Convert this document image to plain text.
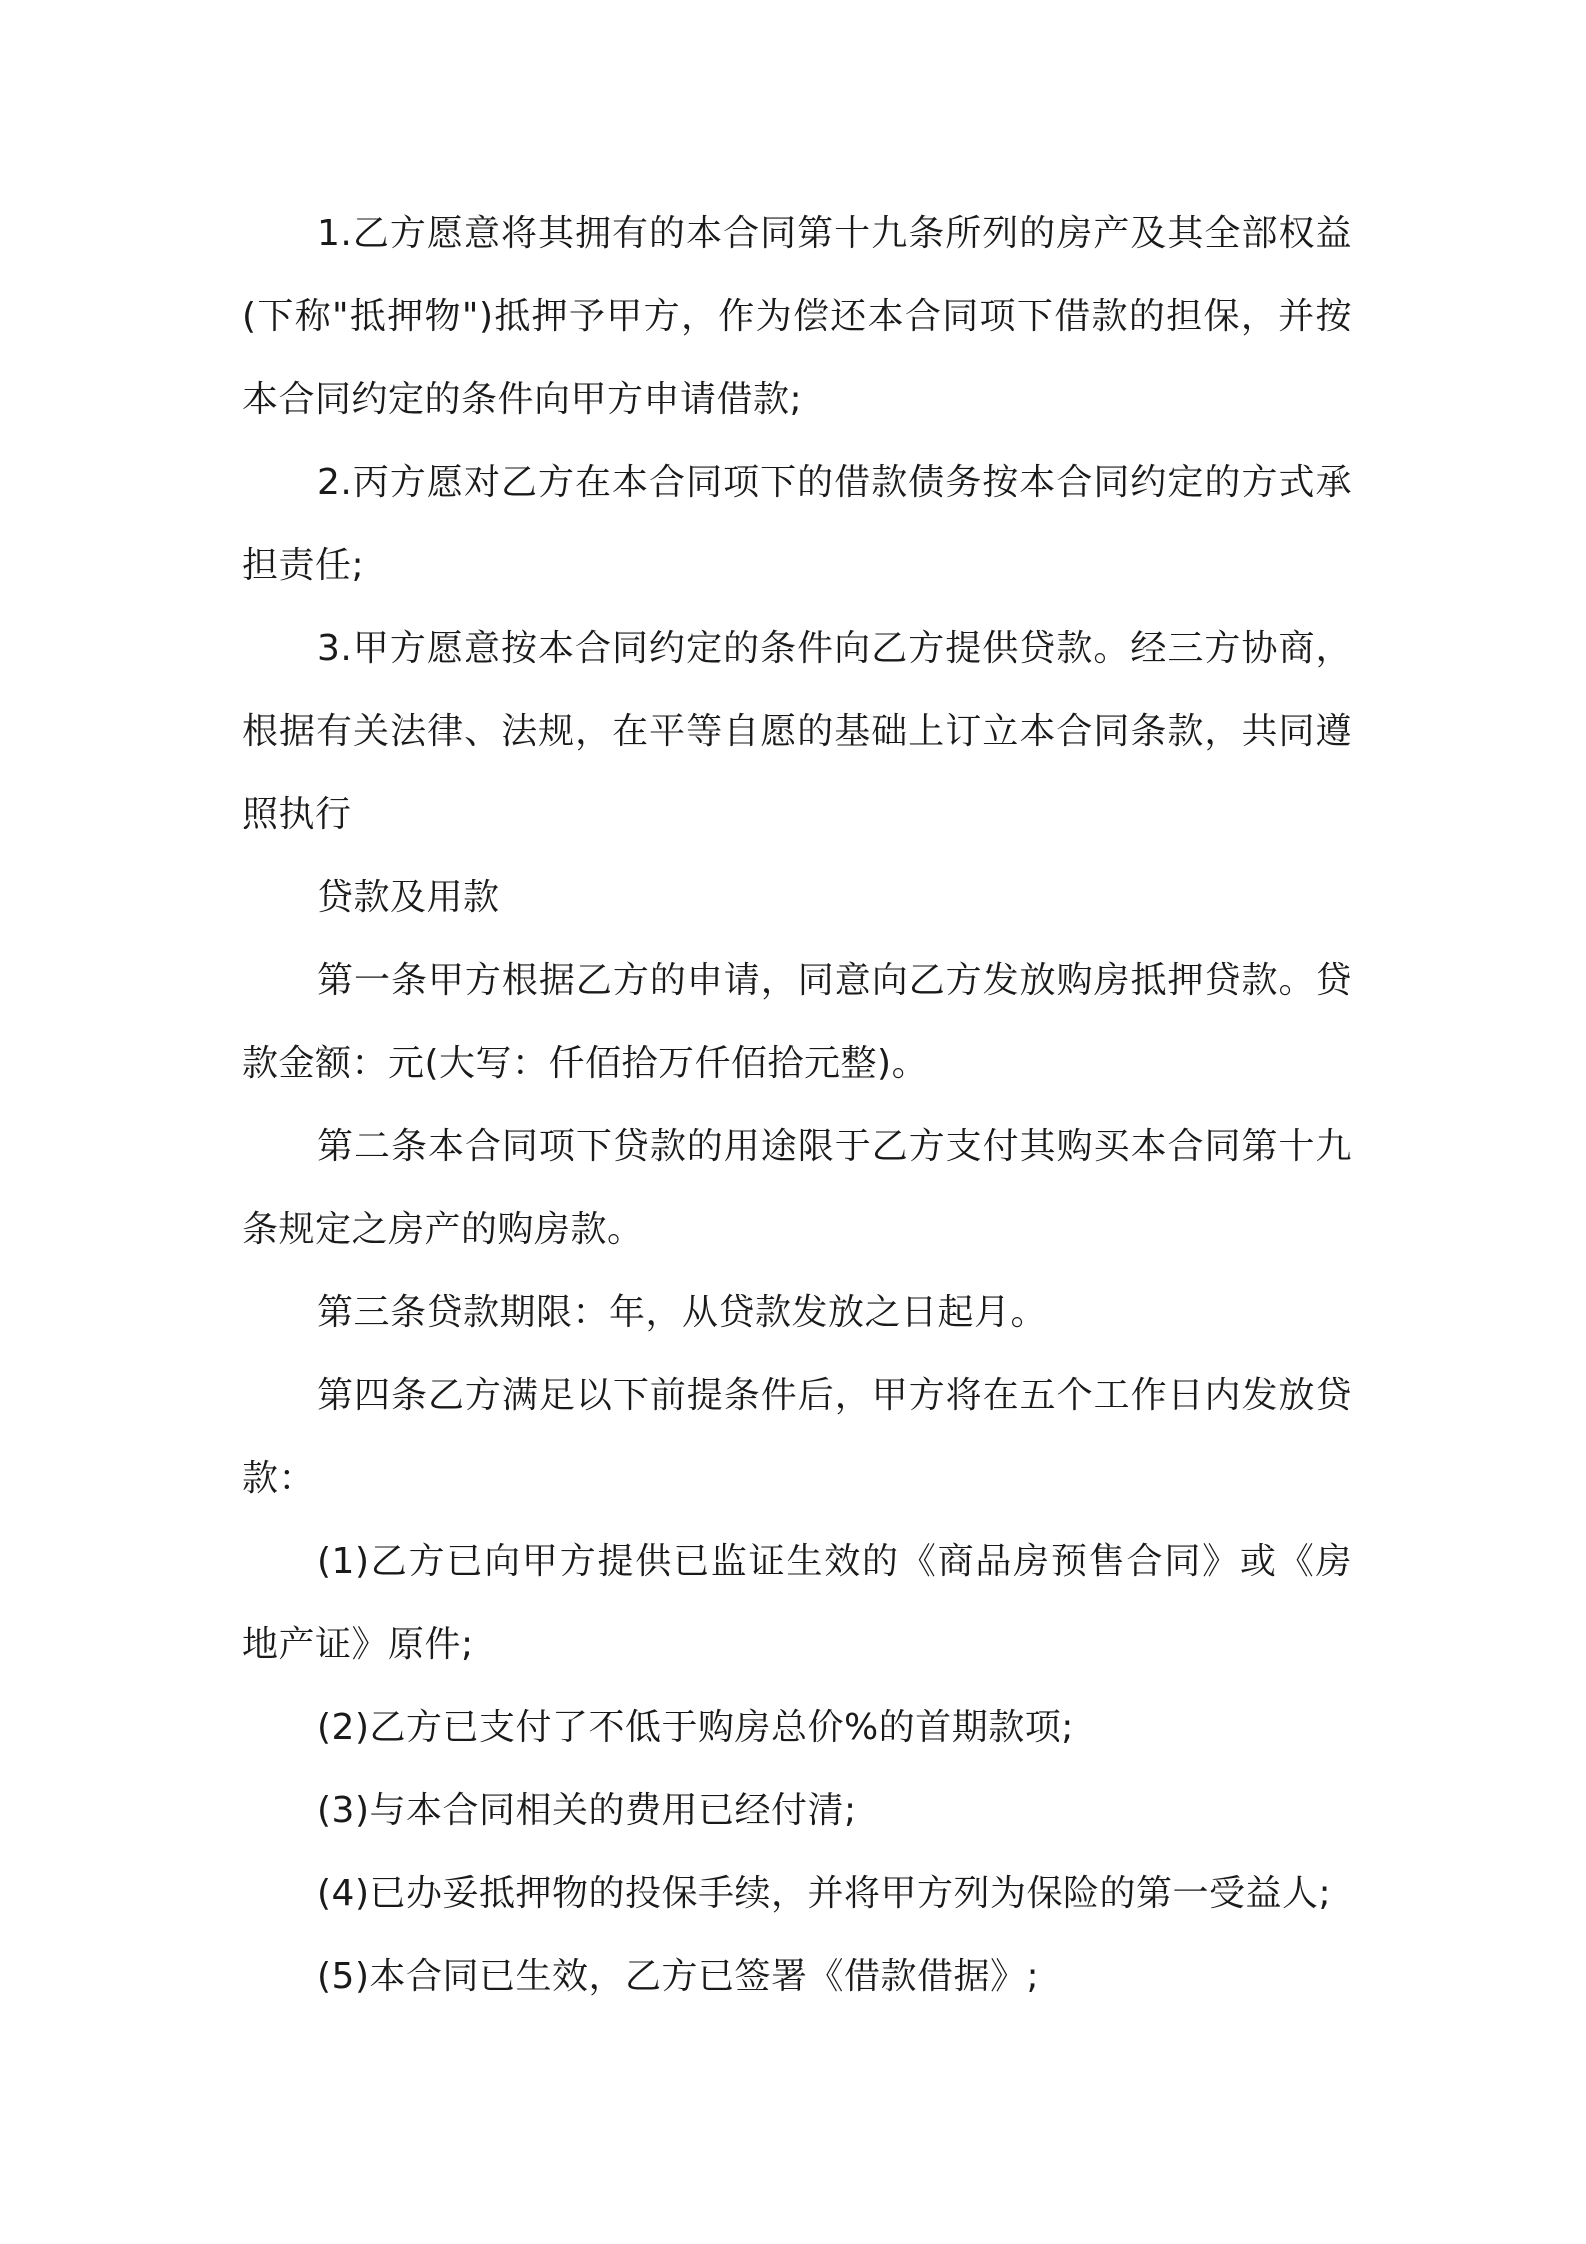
1.乙方愿意将其拥有的本合同第十九条所列的房产及其全部权益(下称"抵押物")抵押予甲方，作为偿还本合同项下借款的担保，并按本合同约定的条件向甲方申请借款;

2.丙方愿对乙方在本合同项下的借款债务按本合同约定的方式承担责任;

3.甲方愿意按本合同约定的条件向乙方提供贷款。经三方协商，根据有关法律、法规，在平等自愿的基础上订立本合同条款，共同遵照执行

贷款及用款

第一条甲方根据乙方的申请，同意向乙方发放购房抵押贷款。贷款金额：元(大写：仟佰拾万仟佰拾元整)。

第二条本合同项下贷款的用途限于乙方支付其购买本合同第十九条规定之房产的购房款。

第三条贷款期限：年，从贷款发放之日起月。

第四条乙方满足以下前提条件后，甲方将在五个工作日内发放贷款：

(1)乙方已向甲方提供已监证生效的《商品房预售合同》或《房地产证》原件;

(2)乙方已支付了不低于购房总价%的首期款项;

(3)与本合同相关的费用已经付清;

(4)已办妥抵押物的投保手续，并将甲方列为保险的第一受益人;

(5)本合同已生效，乙方已签署《借款借据》;
